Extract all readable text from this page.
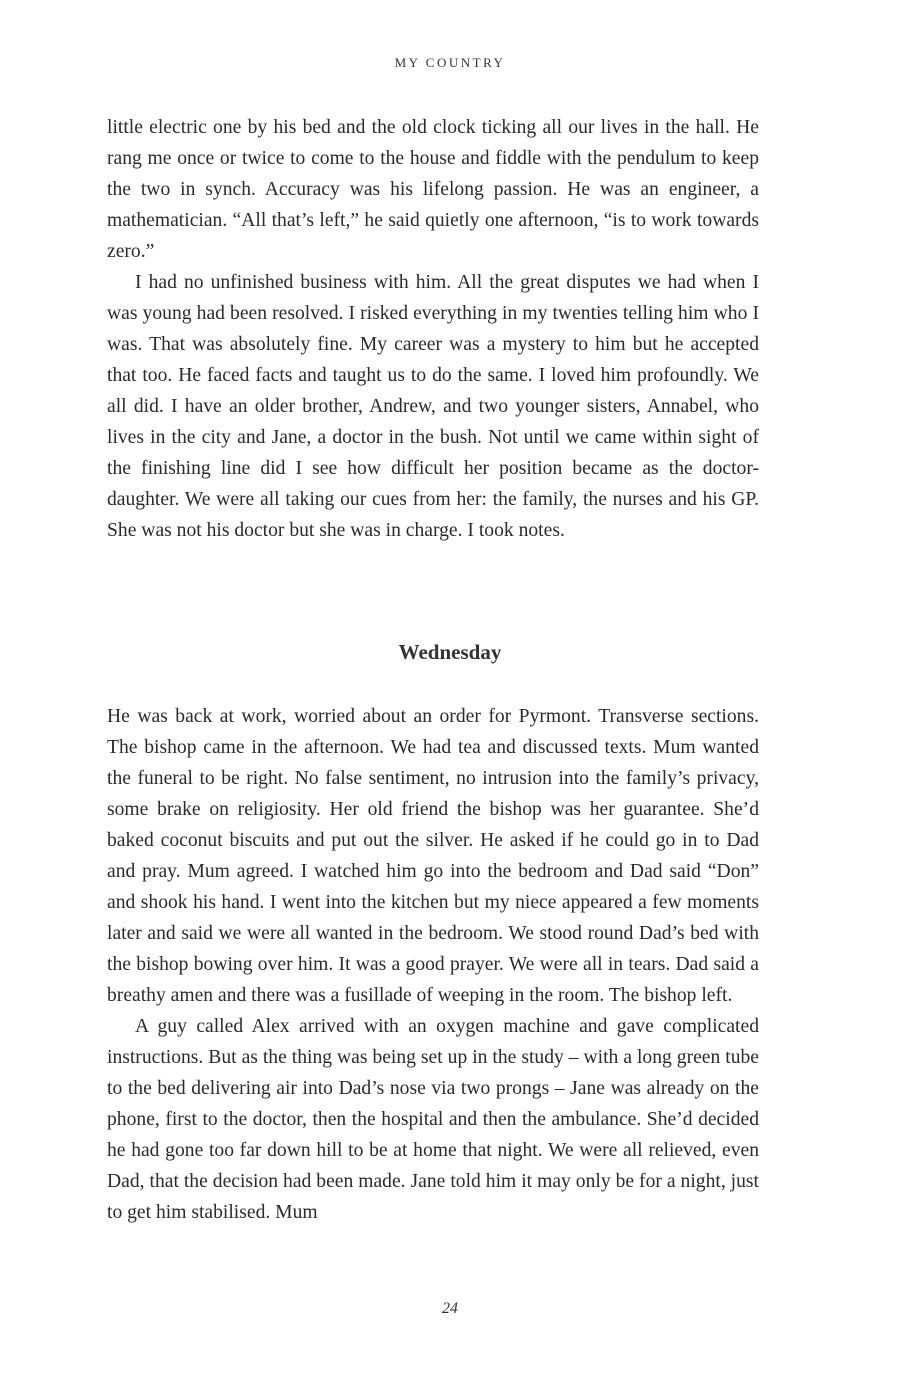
MY COUNTRY

little electric one by his bed and the old clock ticking all our lives in the hall. He rang me once or twice to come to the house and fiddle with the pendulum to keep the two in synch. Accuracy was his lifelong passion. He was an engineer, a mathematician. “All that’s left,” he said quietly one afternoon, “is to work towards zero.”

I had no unfinished business with him. All the great disputes we had when I was young had been resolved. I risked everything in my twenties telling him who I was. That was absolutely fine. My career was a mystery to him but he accepted that too. He faced facts and taught us to do the same. I loved him profoundly. We all did. I have an older brother, Andrew, and two younger sisters, Annabel, who lives in the city and Jane, a doctor in the bush. Not until we came within sight of the finishing line did I see how difficult her position became as the doctor-daughter. We were all taking our cues from her: the family, the nurses and his GP. She was not his doctor but she was in charge. I took notes.

Wednesday

He was back at work, worried about an order for Pyrmont. Transverse sections. The bishop came in the afternoon. We had tea and discussed texts. Mum wanted the funeral to be right. No false sentiment, no intrusion into the family’s privacy, some brake on religiosity. Her old friend the bishop was her guarantee. She’d baked coconut biscuits and put out the silver. He asked if he could go in to Dad and pray. Mum agreed. I watched him go into the bedroom and Dad said “Don” and shook his hand. I went into the kitchen but my niece appeared a few moments later and said we were all wanted in the bedroom. We stood round Dad’s bed with the bishop bowing over him. It was a good prayer. We were all in tears. Dad said a breathy amen and there was a fusillade of weeping in the room. The bishop left.

A guy called Alex arrived with an oxygen machine and gave complicated instructions. But as the thing was being set up in the study – with a long green tube to the bed delivering air into Dad’s nose via two prongs – Jane was already on the phone, first to the doctor, then the hospital and then the ambulance. She’d decided he had gone too far down hill to be at home that night. We were all relieved, even Dad, that the decision had been made. Jane told him it may only be for a night, just to get him stabilised. Mum

24
